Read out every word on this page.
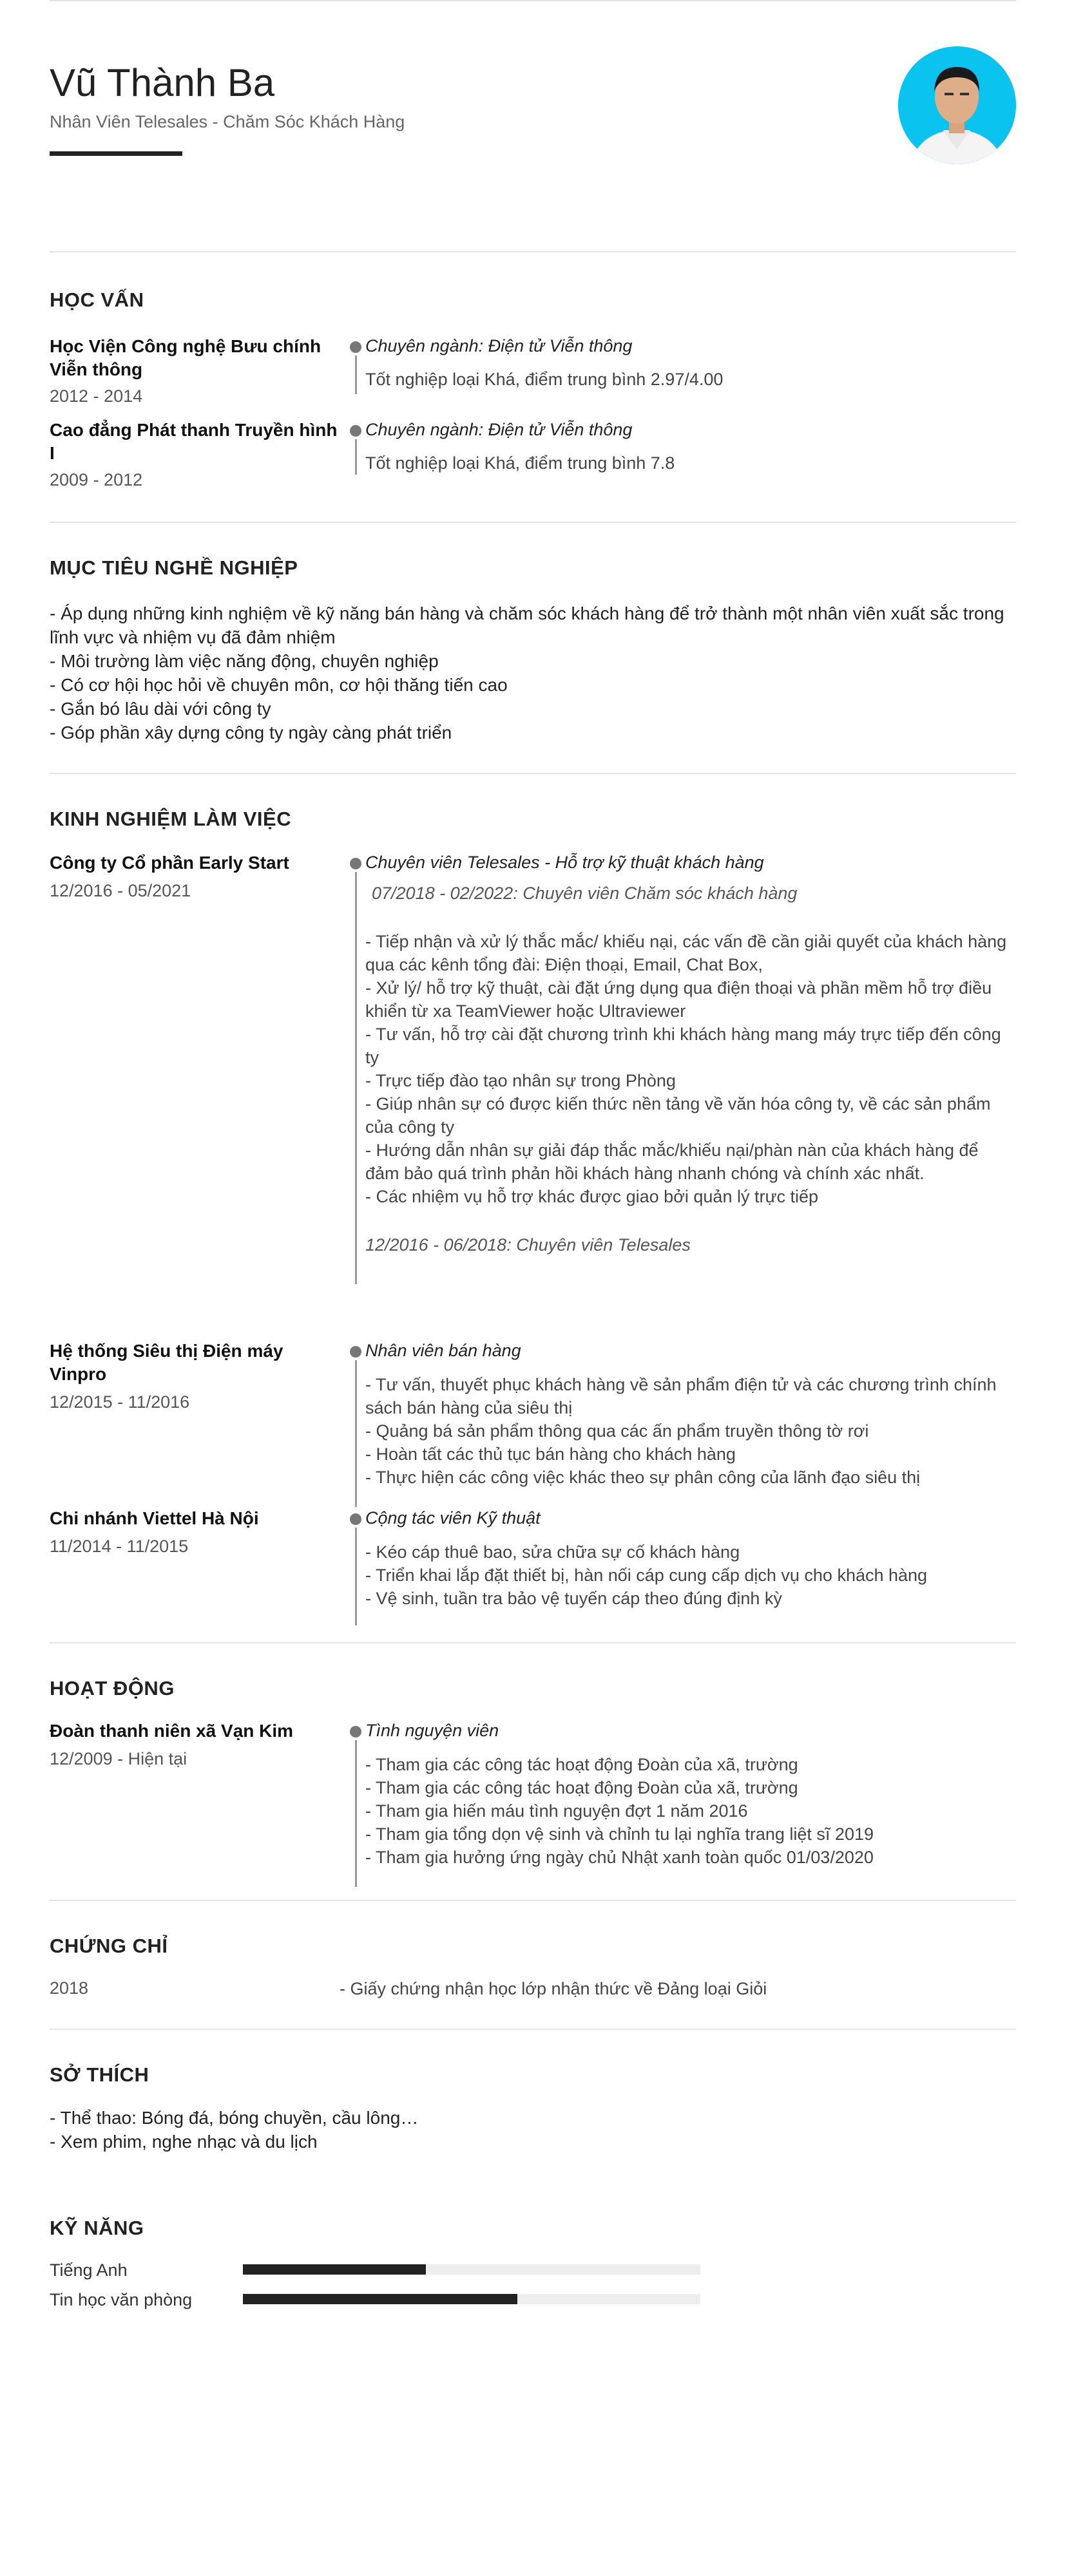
Vũ Thành Ba
Nhân Viên Telesales - Chăm Sóc Khách Hàng
HỌC VẤN
Học Viện Công nghệ Bưu chính Viễn thông
2012 - 2014
Chuyên ngành: Điện tử Viễn thông
Tốt nghiệp loại Khá, điểm trung bình 2.97/4.00
Cao đẳng Phát thanh Truyền hình I
2009 - 2012
Chuyên ngành: Điện tử Viễn thông
Tốt nghiệp loại Khá, điểm trung bình 7.8
MỤC TIÊU NGHỀ NGHIỆP
- Áp dụng những kinh nghiệm về kỹ năng bán hàng và chăm sóc khách hàng để trở thành một nhân viên xuất sắc trong lĩnh vực và nhiệm vụ đã đảm nhiệm
- Môi trường làm việc năng động, chuyên nghiệp
- Có cơ hội học hỏi về chuyên môn, cơ hội thăng tiến cao
- Gắn bó lâu dài với công ty
- Góp phần xây dựng công ty ngày càng phát triển
KINH NGHIỆM LÀM VIỆC
Công ty Cổ phần Early Start
12/2016 - 05/2021
Chuyên viên Telesales - Hỗ trợ kỹ thuật khách hàng
07/2018 - 02/2022: Chuyên viên Chăm sóc khách hàng
- Tiếp nhận và xử lý thắc mắc/ khiếu nại, các vấn đề cần giải quyết của khách hàng qua các kênh tổng đài: Điện thoại, Email, Chat Box,
- Xử lý/ hỗ trợ kỹ thuật, cài đặt ứng dụng qua điện thoại và phần mềm hỗ trợ điều khiển từ xa TeamViewer hoặc Ultraviewer
- Tư vấn, hỗ trợ cài đặt chương trình khi khách hàng mang máy trực tiếp đến công ty
- Trực tiếp đào tạo nhân sự trong Phòng
- Giúp nhân sự có được kiến thức nền tảng về văn hóa công ty, về các sản phẩm của công ty
- Hướng dẫn nhân sự giải đáp thắc mắc/khiếu nại/phàn nàn của khách hàng để đảm bảo quá trình phản hồi khách hàng nhanh chóng và chính xác nhất.
- Các nhiệm vụ hỗ trợ khác được giao bởi quản lý trực tiếp
12/2016 - 06/2018: Chuyên viên Telesales
Hệ thống Siêu thị Điện máy Vinpro
12/2015 - 11/2016
Nhân viên bán hàng
- Tư vấn, thuyết phục khách hàng về sản phẩm điện tử và các chương trình chính sách bán hàng của siêu thị
- Quảng bá sản phẩm thông qua các ấn phẩm truyền thông tờ rơi
- Hoàn tất các thủ tục bán hàng cho khách hàng
- Thực hiện các công việc khác theo sự phân công của lãnh đạo siêu thị
Chi nhánh Viettel Hà Nội
11/2014 - 11/2015
Cộng tác viên Kỹ thuật
- Kéo cáp thuê bao, sửa chữa sự cố khách hàng
- Triển khai lắp đặt thiết bị, hàn nối cáp cung cấp dịch vụ cho khách hàng
- Vệ sinh, tuần tra bảo vệ tuyến cáp theo đúng định kỳ
HOẠT ĐỘNG
Đoàn thanh niên xã Vạn Kim
12/2009 - Hiện tại
Tình nguyện viên
- Tham gia các công tác hoạt động Đoàn của xã, trường
- Tham gia các công tác hoạt động Đoàn của xã, trường
- Tham gia hiến máu tình nguyện đợt 1 năm 2016
- Tham gia tổng dọn vệ sinh và chỉnh tu lại nghĩa trang liệt sĩ 2019
- Tham gia hưởng ứng ngày chủ Nhật xanh toàn quốc 01/03/2020
CHỨNG CHỈ
2018	- Giấy chứng nhận học lớp nhận thức về Đảng loại Giỏi
SỞ THÍCH
- Thể thao: Bóng đá, bóng chuyền, cầu lông…
- Xem phim, nghe nhạc và du lịch
KỸ NĂNG
Tiếng Anh
Tin học văn phòng
